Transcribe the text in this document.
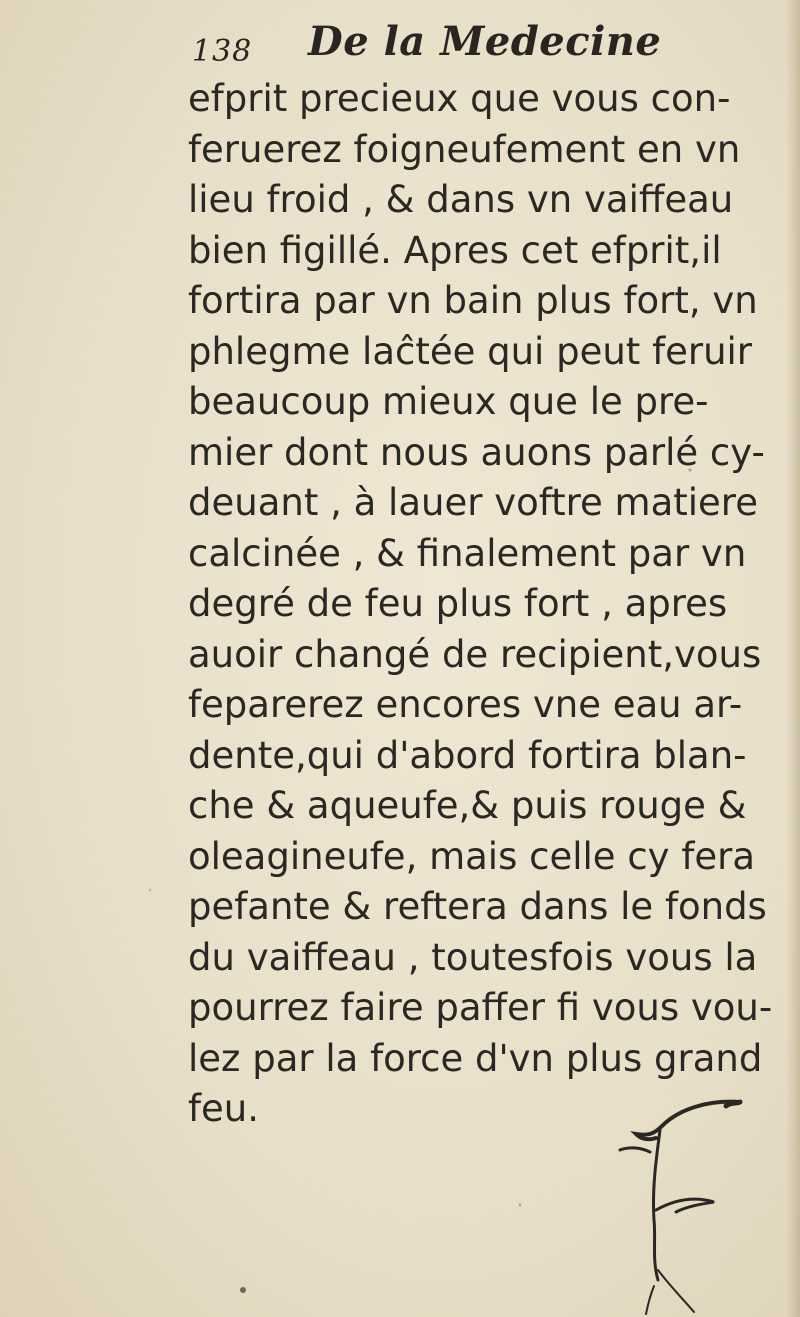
138 De la Medecine
efprit precieux que vous con-
feruerez foigneufement en vn
lieu froid , & dans vn vaiffeau
bien figillé. Apres cet efprit,il
fortira par vn bain plus fort, vn
phlegme laĉtée qui peut feruir
beaucoup mieux que le pre-
mier dont nous auons parlé cy-
deuant , à lauer voftre matiere
calcinée , & finalement par vn
degré de feu plus fort , apres
auoir changé de recipient,vous
feparerez encores vne eau ar-
dente,qui d'abord fortira blan-
che & aqueufe,& puis rouge &
oleagineufe, mais celle cy fera
pefante & reftera dans le fonds
du vaiffeau , toutesfois vous la
pourrez faire paffer fi vous vou-
lez par la force d'vn plus grand
feu.
